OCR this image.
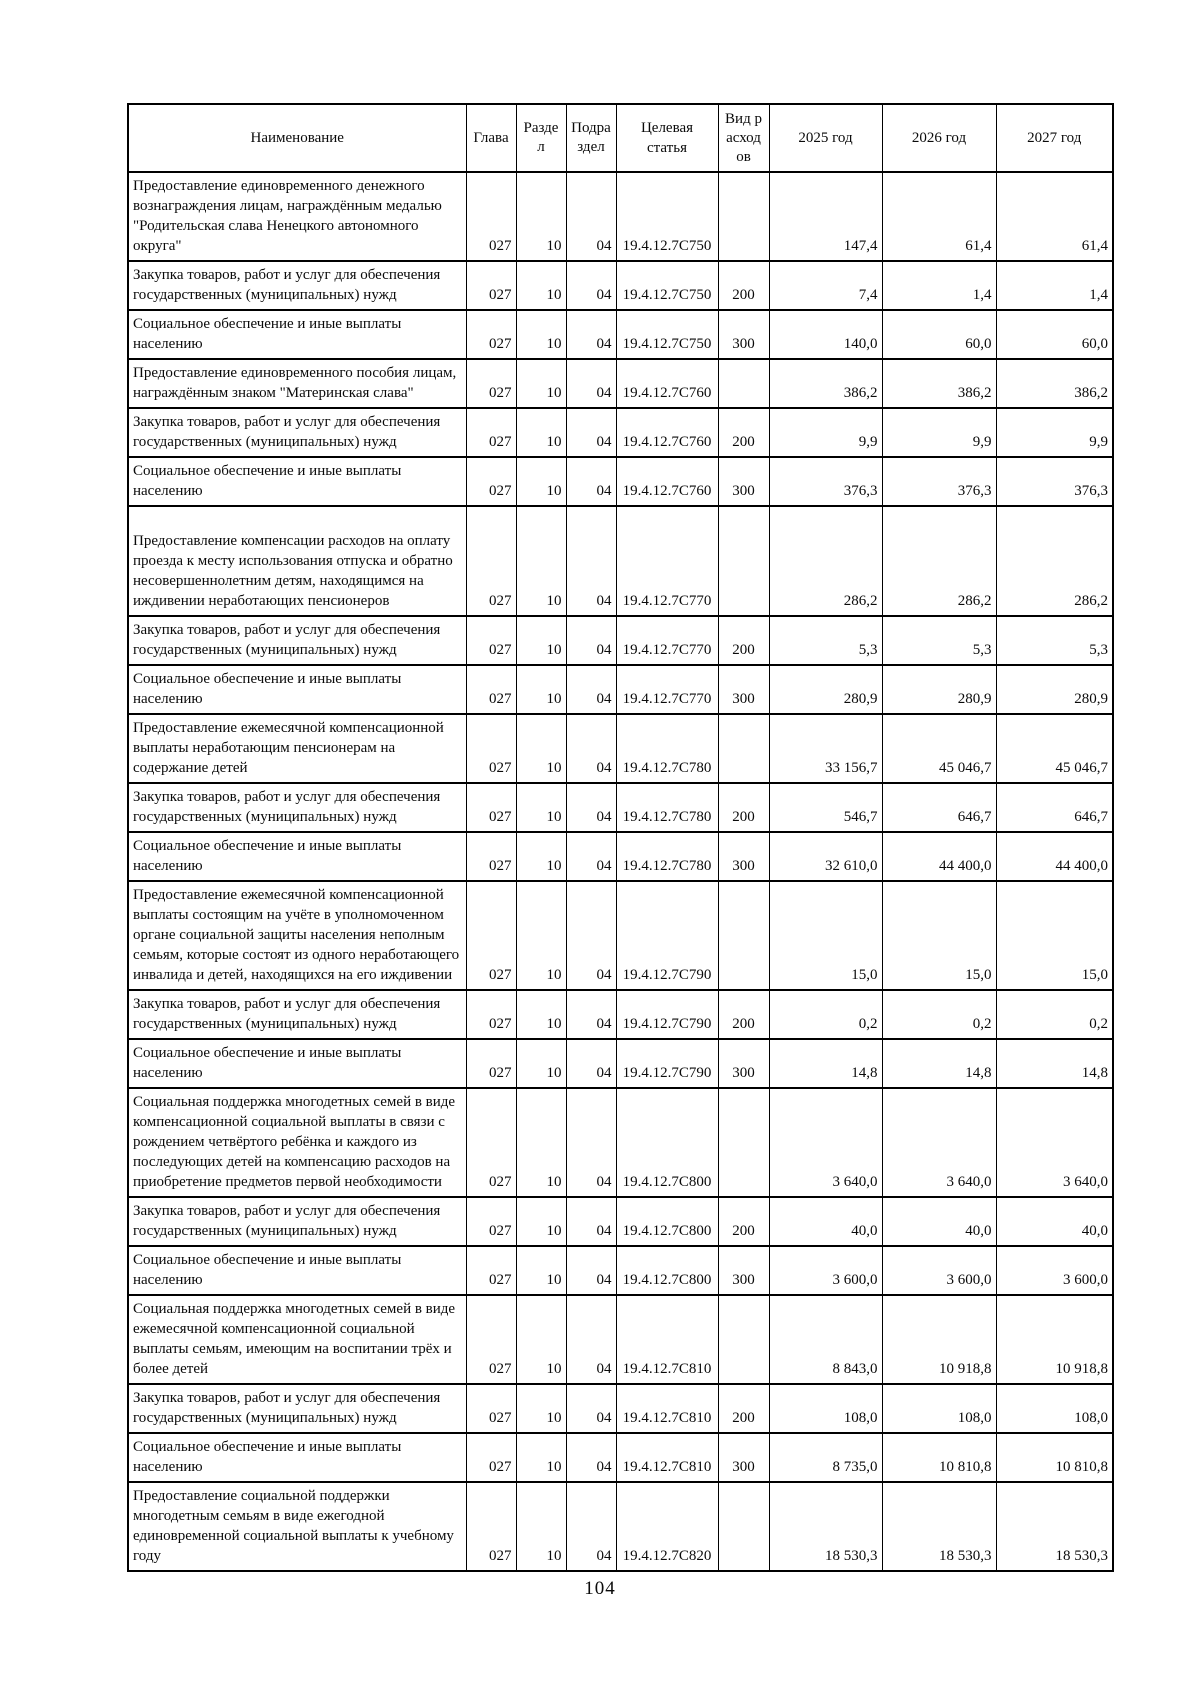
Наименование	Глава	Раздел	Подраздел	Целевая статья	Вид расходов	2025 год	2026 год	2027 год
Предоставление единовременного денежного вознаграждения лицам, награждённым медалью "Родительская слава Ненецкого автономного округа"	027	10	04	19.4.12.7С750		147,4	61,4	61,4
Закупка товаров, работ и услуг для обеспечения государственных (муниципальных) нужд	027	10	04	19.4.12.7С750	200	7,4	1,4	1,4
Социальное обеспечение и иные выплаты населению	027	10	04	19.4.12.7С750	300	140,0	60,0	60,0
Предоставление единовременного пособия лицам, награждённым знаком "Материнская слава"	027	10	04	19.4.12.7С760		386,2	386,2	386,2
Закупка товаров, работ и услуг для обеспечения государственных (муниципальных) нужд	027	10	04	19.4.12.7С760	200	9,9	9,9	9,9
Социальное обеспечение и иные выплаты населению	027	10	04	19.4.12.7С760	300	376,3	376,3	376,3
Предоставление компенсации расходов на оплату проезда к месту использования отпуска и обратно несовершеннолетним детям, находящимся на иждивении неработающих пенсионеров	027	10	04	19.4.12.7С770		286,2	286,2	286,2
Закупка товаров, работ и услуг для обеспечения государственных (муниципальных) нужд	027	10	04	19.4.12.7С770	200	5,3	5,3	5,3
Социальное обеспечение и иные выплаты населению	027	10	04	19.4.12.7С770	300	280,9	280,9	280,9
Предоставление ежемесячной компенсационной выплаты неработающим пенсионерам на содержание детей	027	10	04	19.4.12.7С780		33 156,7	45 046,7	45 046,7
Закупка товаров, работ и услуг для обеспечения государственных (муниципальных) нужд	027	10	04	19.4.12.7С780	200	546,7	646,7	646,7
Социальное обеспечение и иные выплаты населению	027	10	04	19.4.12.7С780	300	32 610,0	44 400,0	44 400,0
Предоставление ежемесячной компенсационной выплаты состоящим на учёте в уполномоченном органе социальной защиты населения неполным семьям, которые состоят из одного неработающего инвалида и детей, находящихся на его иждивении	027	10	04	19.4.12.7С790		15,0	15,0	15,0
Закупка товаров, работ и услуг для обеспечения государственных (муниципальных) нужд	027	10	04	19.4.12.7С790	200	0,2	0,2	0,2
Социальное обеспечение и иные выплаты населению	027	10	04	19.4.12.7С790	300	14,8	14,8	14,8
Социальная поддержка многодетных семей в виде компенсационной социальной выплаты в связи с рождением четвёртого ребёнка и каждого из последующих детей на компенсацию расходов на приобретение предметов первой необходимости	027	10	04	19.4.12.7С800		3 640,0	3 640,0	3 640,0
Закупка товаров, работ и услуг для обеспечения государственных (муниципальных) нужд	027	10	04	19.4.12.7С800	200	40,0	40,0	40,0
Социальное обеспечение и иные выплаты населению	027	10	04	19.4.12.7С800	300	3 600,0	3 600,0	3 600,0
Социальная поддержка многодетных семей в виде ежемесячной компенсационной социальной выплаты семьям, имеющим на воспитании трёх и более детей	027	10	04	19.4.12.7С810		8 843,0	10 918,8	10 918,8
Закупка товаров, работ и услуг для обеспечения государственных (муниципальных) нужд	027	10	04	19.4.12.7С810	200	108,0	108,0	108,0
Социальное обеспечение и иные выплаты населению	027	10	04	19.4.12.7С810	300	8 735,0	10 810,8	10 810,8
Предоставление социальной поддержки многодетным семьям в виде ежегодной единовременной социальной выплаты к учебному году	027	10	04	19.4.12.7С820		18 530,3	18 530,3	18 530,3
104
